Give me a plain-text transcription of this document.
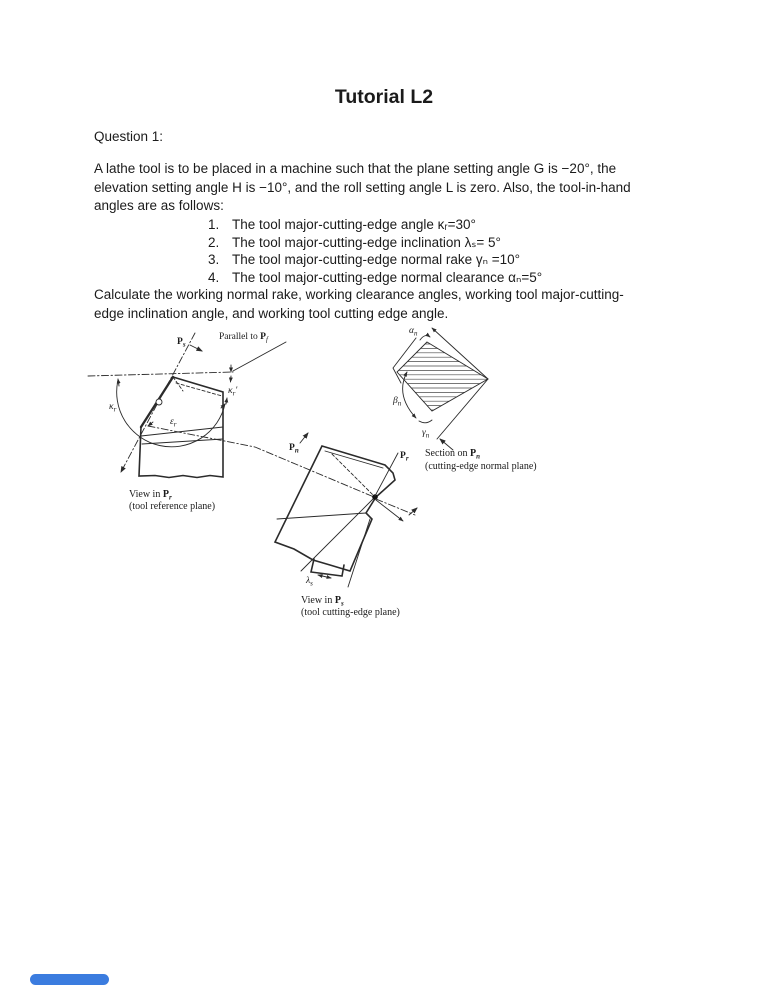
Tutorial L2
Question 1:
A lathe tool is to be placed in a machine such that the plane setting angle G is −20°, the
elevation setting angle H is −10°, and the roll setting angle L is zero. Also, the tool-in-hand
angles are as follows:
1. The tool major-cutting-edge angle κᵣ=30°
2. The tool major-cutting-edge inclination λₛ= 5°
3. The tool major-cutting-edge normal rake γₙ =10°
4. The tool major-cutting-edge normal clearance αₙ=5°
Calculate the working normal rake, working clearance angles, working tool major-cutting-
edge inclination angle, and working tool cutting edge angle.
$P_s$
Parallel to $P_f$
$\kappa_r$
$\varepsilon_r$
$\kappa_r'$
View in $P_r$
(tool reference plane)
$\lambda_s$
$P_n$
$P_r$
View in $P_s$
(tool cutting-edge plane)
$\alpha_n$
$\beta_n$
$\gamma_n$
Section on $P_n$
(cutting-edge normal plane)
